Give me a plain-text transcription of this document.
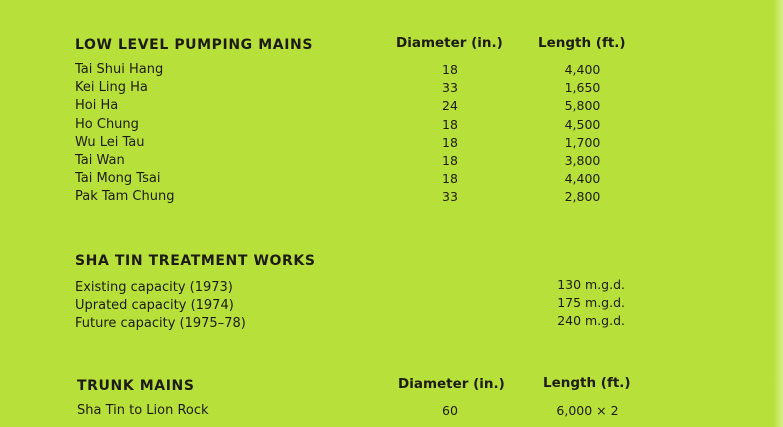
LOW LEVEL PUMPING MAINS	Diameter (in.)	Length (ft.)
Tai Shui Hang	18	4,400
Kei Ling Ha	33	1,650
Hoi Ha	24	5,800
Ho Chung	18	4,500
Wu Lei Tau	18	1,700
Tai Wan	18	3,800
Tai Mong Tsai	18	4,400
Pak Tam Chung	33	2,800
SHA TIN TREATMENT WORKS
Existing capacity (1973)	130 m.g.d.
Uprated capacity (1974)	175 m.g.d.
Future capacity (1975–78)	240 m.g.d.
TRUNK MAINS	Diameter (in.)	Length (ft.)
Sha Tin to Lion Rock	60	6,000 × 2
